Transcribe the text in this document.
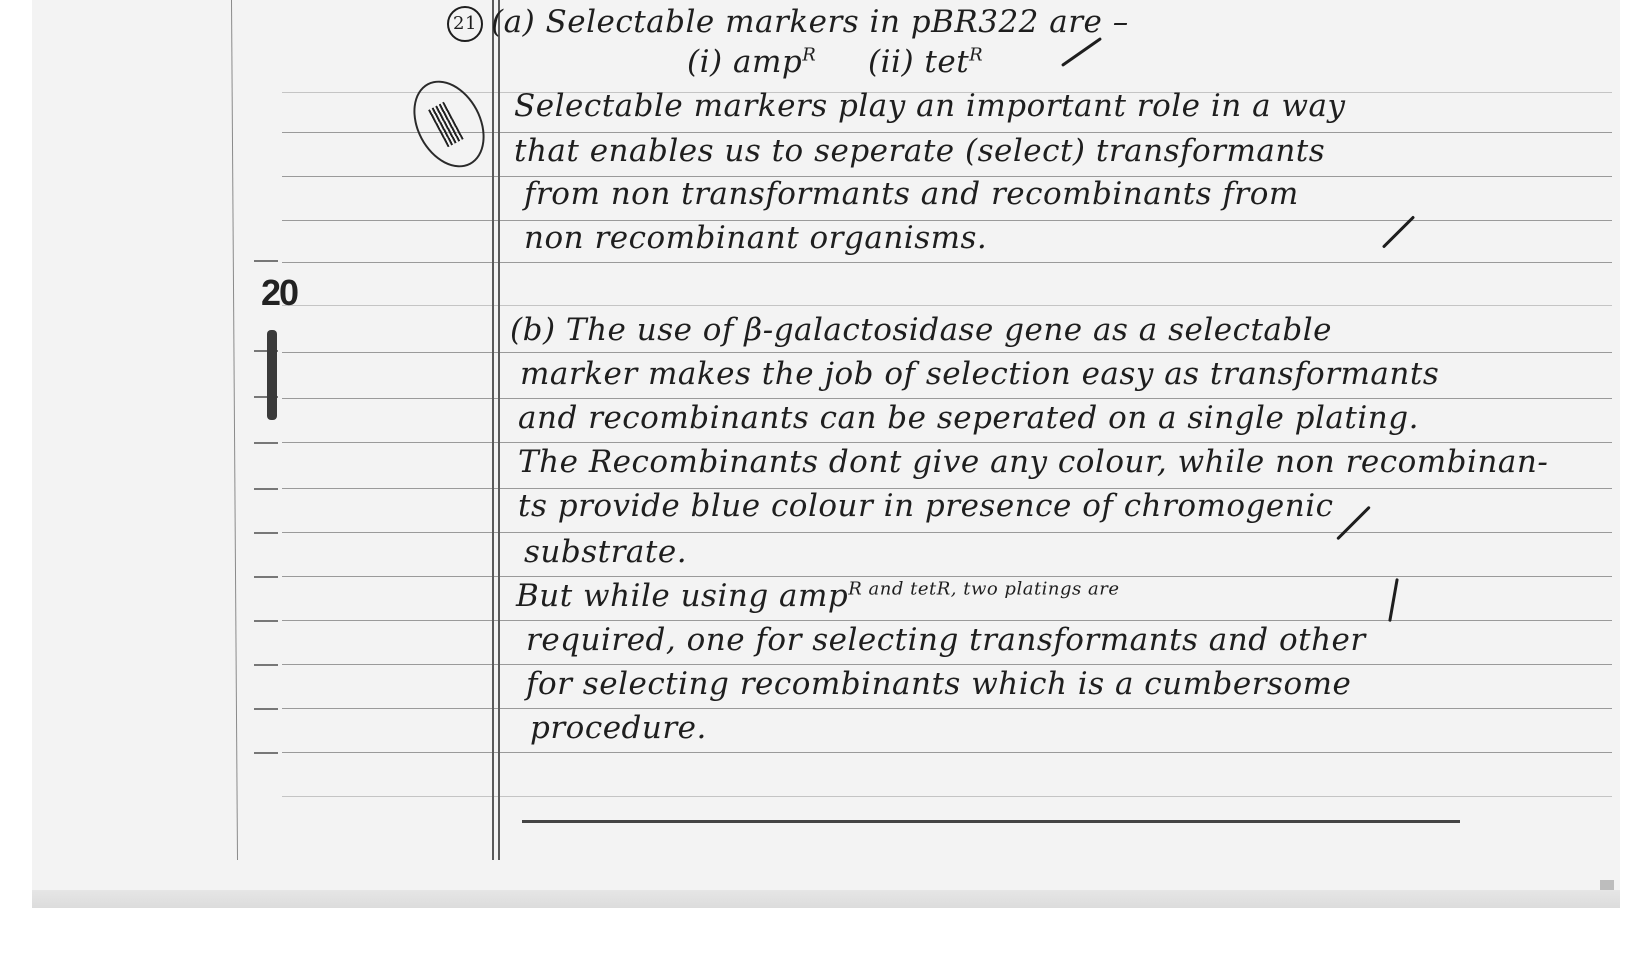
20
21 (a) Selectable markers in pBR322 are –
(i) amp$^R$ (ii) tet$^R$
Selectable markers play an important role in a way
that enables us to seperate (select) transformants
from non transformants and recombinants from
non recombinant organisms.
(b) The use of β-galactosidase gene as a selectable
marker makes the job of selection easy as transformants
and recombinants can be seperated on a single plating.
The Recombinants dont give any colour, while non recombinan-
ts provide blue colour in presence of chromogenic
substrate.
But while using amp$^{R and tetR, two platings are}$
required, one for selecting transformants and other
for selecting recombinants which is a cumbersome
procedure.
